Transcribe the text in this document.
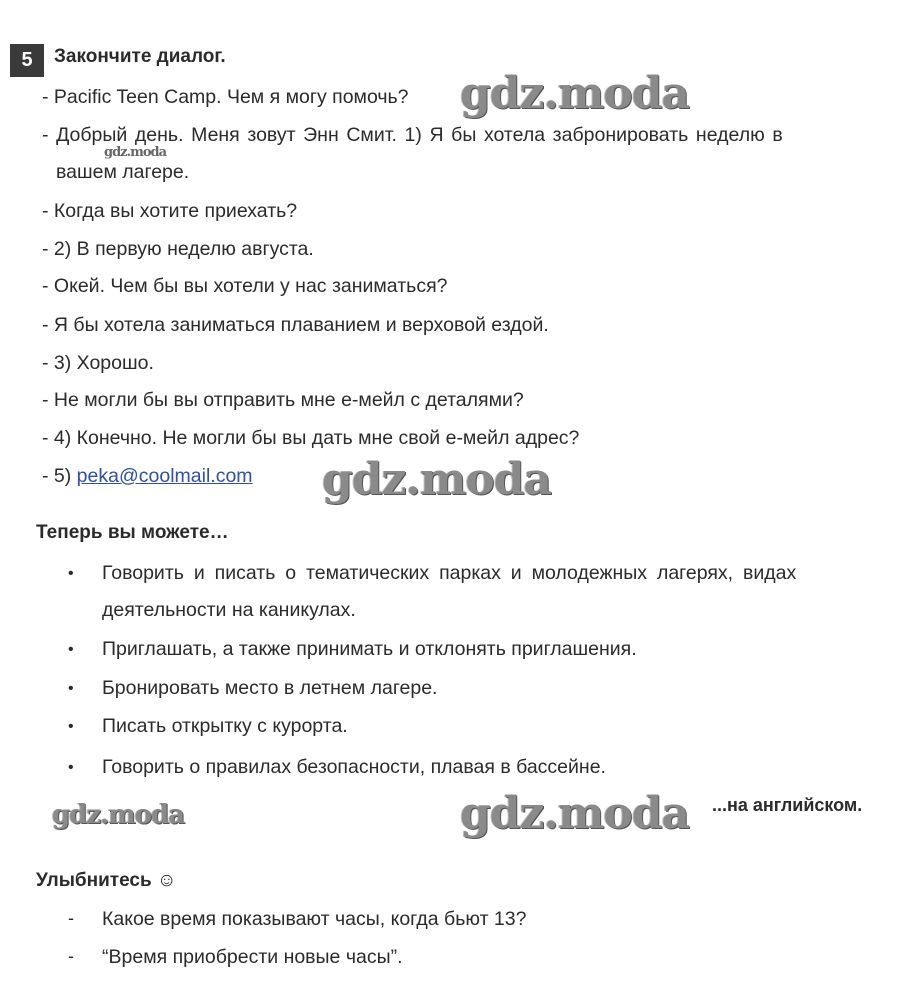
5	Закончите диалог.
- Pacific Teen Camp. Чем я могу помочь?
- Добрый день. Меня зовут Энн Смит. 1) Я бы хотела забронировать неделю в
вашем лагере.
- Когда вы хотите приехать?
- 2) В первую неделю августа.
- Окей. Чем бы вы хотели у нас заниматься?
- Я бы хотела заниматься плаванием и верховой ездой.
- 3) Хорошо.
- Не могли бы вы отправить мне е-мейл с деталями?
- 4) Конечно. Не могли бы вы дать мне свой е-мейл адрес?
- 5) peka@coolmail.com
Теперь вы можете…
• Говорить и писать о тематических парках и молодежных лагерях, видах
деятельности на каникулах.
• Приглашать, а также принимать и отклонять приглашения.
• Бронировать место в летнем лагере.
• Писать открытку с курорта.
• Говорить о правилах безопасности, плавая в бассейне.
...на английском.
Улыбнитесь ☺
- Какое время показывают часы, когда бьют 13?
- “Время приобрести новые часы”.
gdz.moda
gdz.moda
gdz.moda
gdz.moda	gdz.moda
